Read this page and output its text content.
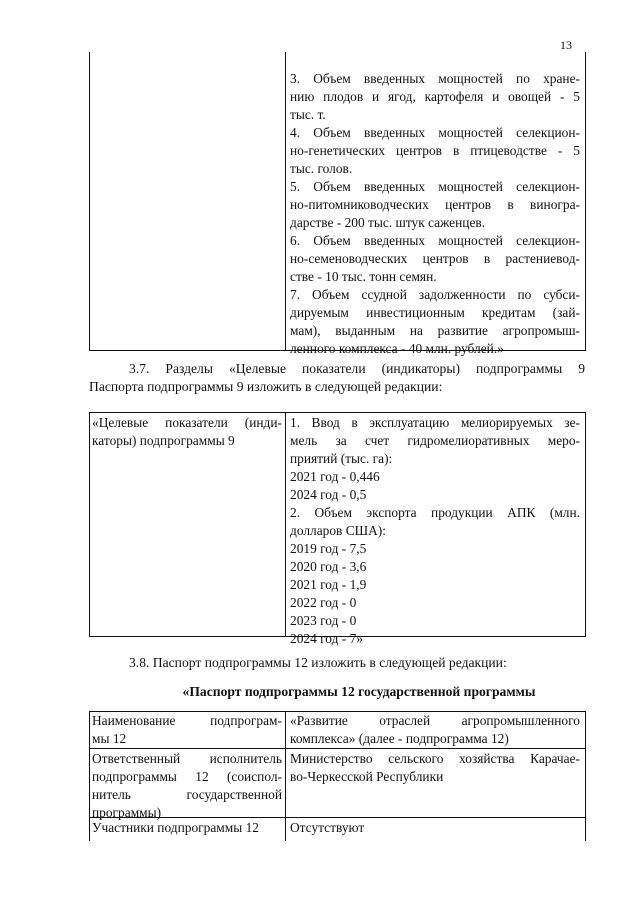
13
3. Объем введенных мощностей по хране-
нию плодов и ягод, картофеля и овощей - 5
тыс. т.
4. Объем введенных мощностей селекцион-
но-генетических центров в птицеводстве - 5
тыс. голов.
5. Объем введенных мощностей селекцион-
но-питомниководческих центров в виногра-
дарстве - 200 тыс. штук саженцев.
6. Объем введенных мощностей селекцион-
но-семеноводческих центров в растениевод-
стве - 10 тыс. тонн семян.
7. Объем ссудной задолженности по субси-
дируемым инвестиционным кредитам (зай-
мам), выданным на развитие агропромыш-
ленного комплекса - 40 млн. рублей.»
3.7. Разделы «Целевые показатели (индикаторы) подпрограммы 9
Паспорта подпрограммы 9 изложить в следующей редакции:
«Целевые показатели (инди-
каторы) подпрограммы 9
1. Ввод в эксплуатацию мелиорируемых зе-
мель за счет гидромелиоративных меро-
приятий (тыс. га):
2021 год - 0,446
2024 год - 0,5
2. Объем экспорта продукции АПК (млн.
долларов США):
2019 год - 7,5
2020 год - 3,6
2021 год - 1,9
2022 год - 0
2023 год - 0
2024 год - 7»
3.8. Паспорт подпрограммы 12 изложить в следующей редакции:
«Паспорт подпрограммы 12 государственной программы
Наименование подпрограм-
мы 12
«Развитие отраслей агропромышленного
комплекса» (далее - подпрограмма 12)
Ответственный исполнитель
подпрограммы 12 (соиспол-
нитель государственной
программы)
Министерство сельского хозяйства Карачае-
во-Черкесской Республики
Участники подпрограммы 12	Отсутствуют
